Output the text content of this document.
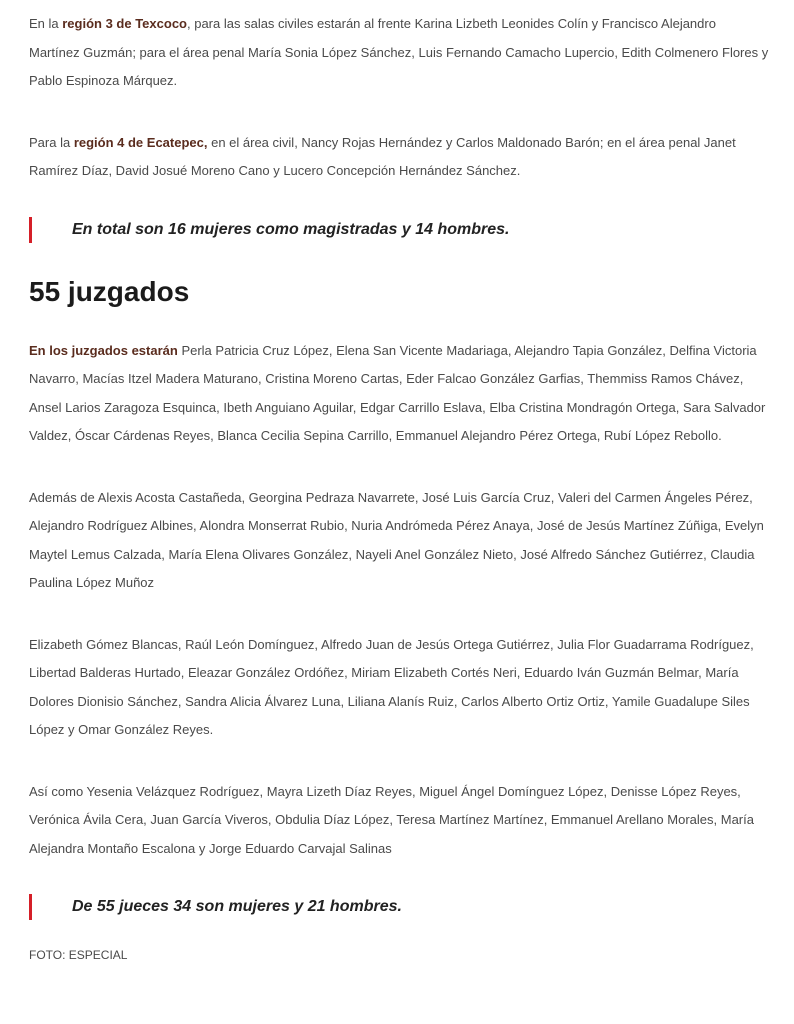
En la región 3 de Texcoco, para las salas civiles estarán al frente Karina Lizbeth Leonides Colín y Francisco Alejandro Martínez Guzmán; para el área penal María Sonia López Sánchez, Luis Fernando Camacho Lupercio, Edith Colmenero Flores y Pablo Espinoza Márquez.

Para la región 4 de Ecatepec, en el área civil, Nancy Rojas Hernández y Carlos Maldonado Barón; en el área penal Janet Ramírez Díaz, David Josué Moreno Cano y Lucero Concepción Hernández Sánchez.

En total son 16 mujeres como magistradas y 14 hombres.
55 juzgados

En los juzgados estarán Perla Patricia Cruz López, Elena San Vicente Madariaga, Alejandro Tapia González, Delfina Victoria Navarro, Macías Itzel Madera Maturano, Cristina Moreno Cartas, Eder Falcao González Garfias, Themmiss Ramos Chávez, Ansel Larios Zaragoza Esquinca, Ibeth Anguiano Aguilar, Edgar Carrillo Eslava, Elba Cristina Mondragón Ortega, Sara Salvador Valdez, Óscar Cárdenas Reyes, Blanca Cecilia Sepina Carrillo, Emmanuel Alejandro Pérez Ortega, Rubí López Rebollo.

Además de Alexis Acosta Castañeda, Georgina Pedraza Navarrete, José Luis García Cruz, Valeri del Carmen Ángeles Pérez, Alejandro Rodríguez Albines, Alondra Monserrat Rubio, Nuria Andrómeda Pérez Anaya, José de Jesús Martínez Zúñiga, Evelyn Maytel Lemus Calzada, María Elena Olivares González, Nayeli Anel González Nieto, José Alfredo Sánchez Gutiérrez, Claudia Paulina López Muñoz

Elizabeth Gómez Blancas, Raúl León Domínguez, Alfredo Juan de Jesús Ortega Gutiérrez, Julia Flor Guadarrama Rodríguez, Libertad Balderas Hurtado, Eleazar González Ordóñez, Miriam Elizabeth Cortés Neri, Eduardo Iván Guzmán Belmar, María Dolores Dionisio Sánchez, Sandra Alicia Álvarez Luna, Liliana Alanís Ruiz, Carlos Alberto Ortiz Ortiz, Yamile Guadalupe Siles López y Omar González Reyes.

Así como Yesenia Velázquez Rodríguez, Mayra Lizeth Díaz Reyes, Miguel Ángel Domínguez López, Denisse López Reyes, Verónica Ávila Cera, Juan García Viveros, Obdulia Díaz López, Teresa Martínez Martínez, Emmanuel Arellano Morales, María Alejandra Montaño Escalona y Jorge Eduardo Carvajal Salinas

De 55 jueces 34 son mujeres y 21 hombres.
FOTO: ESPECIAL
